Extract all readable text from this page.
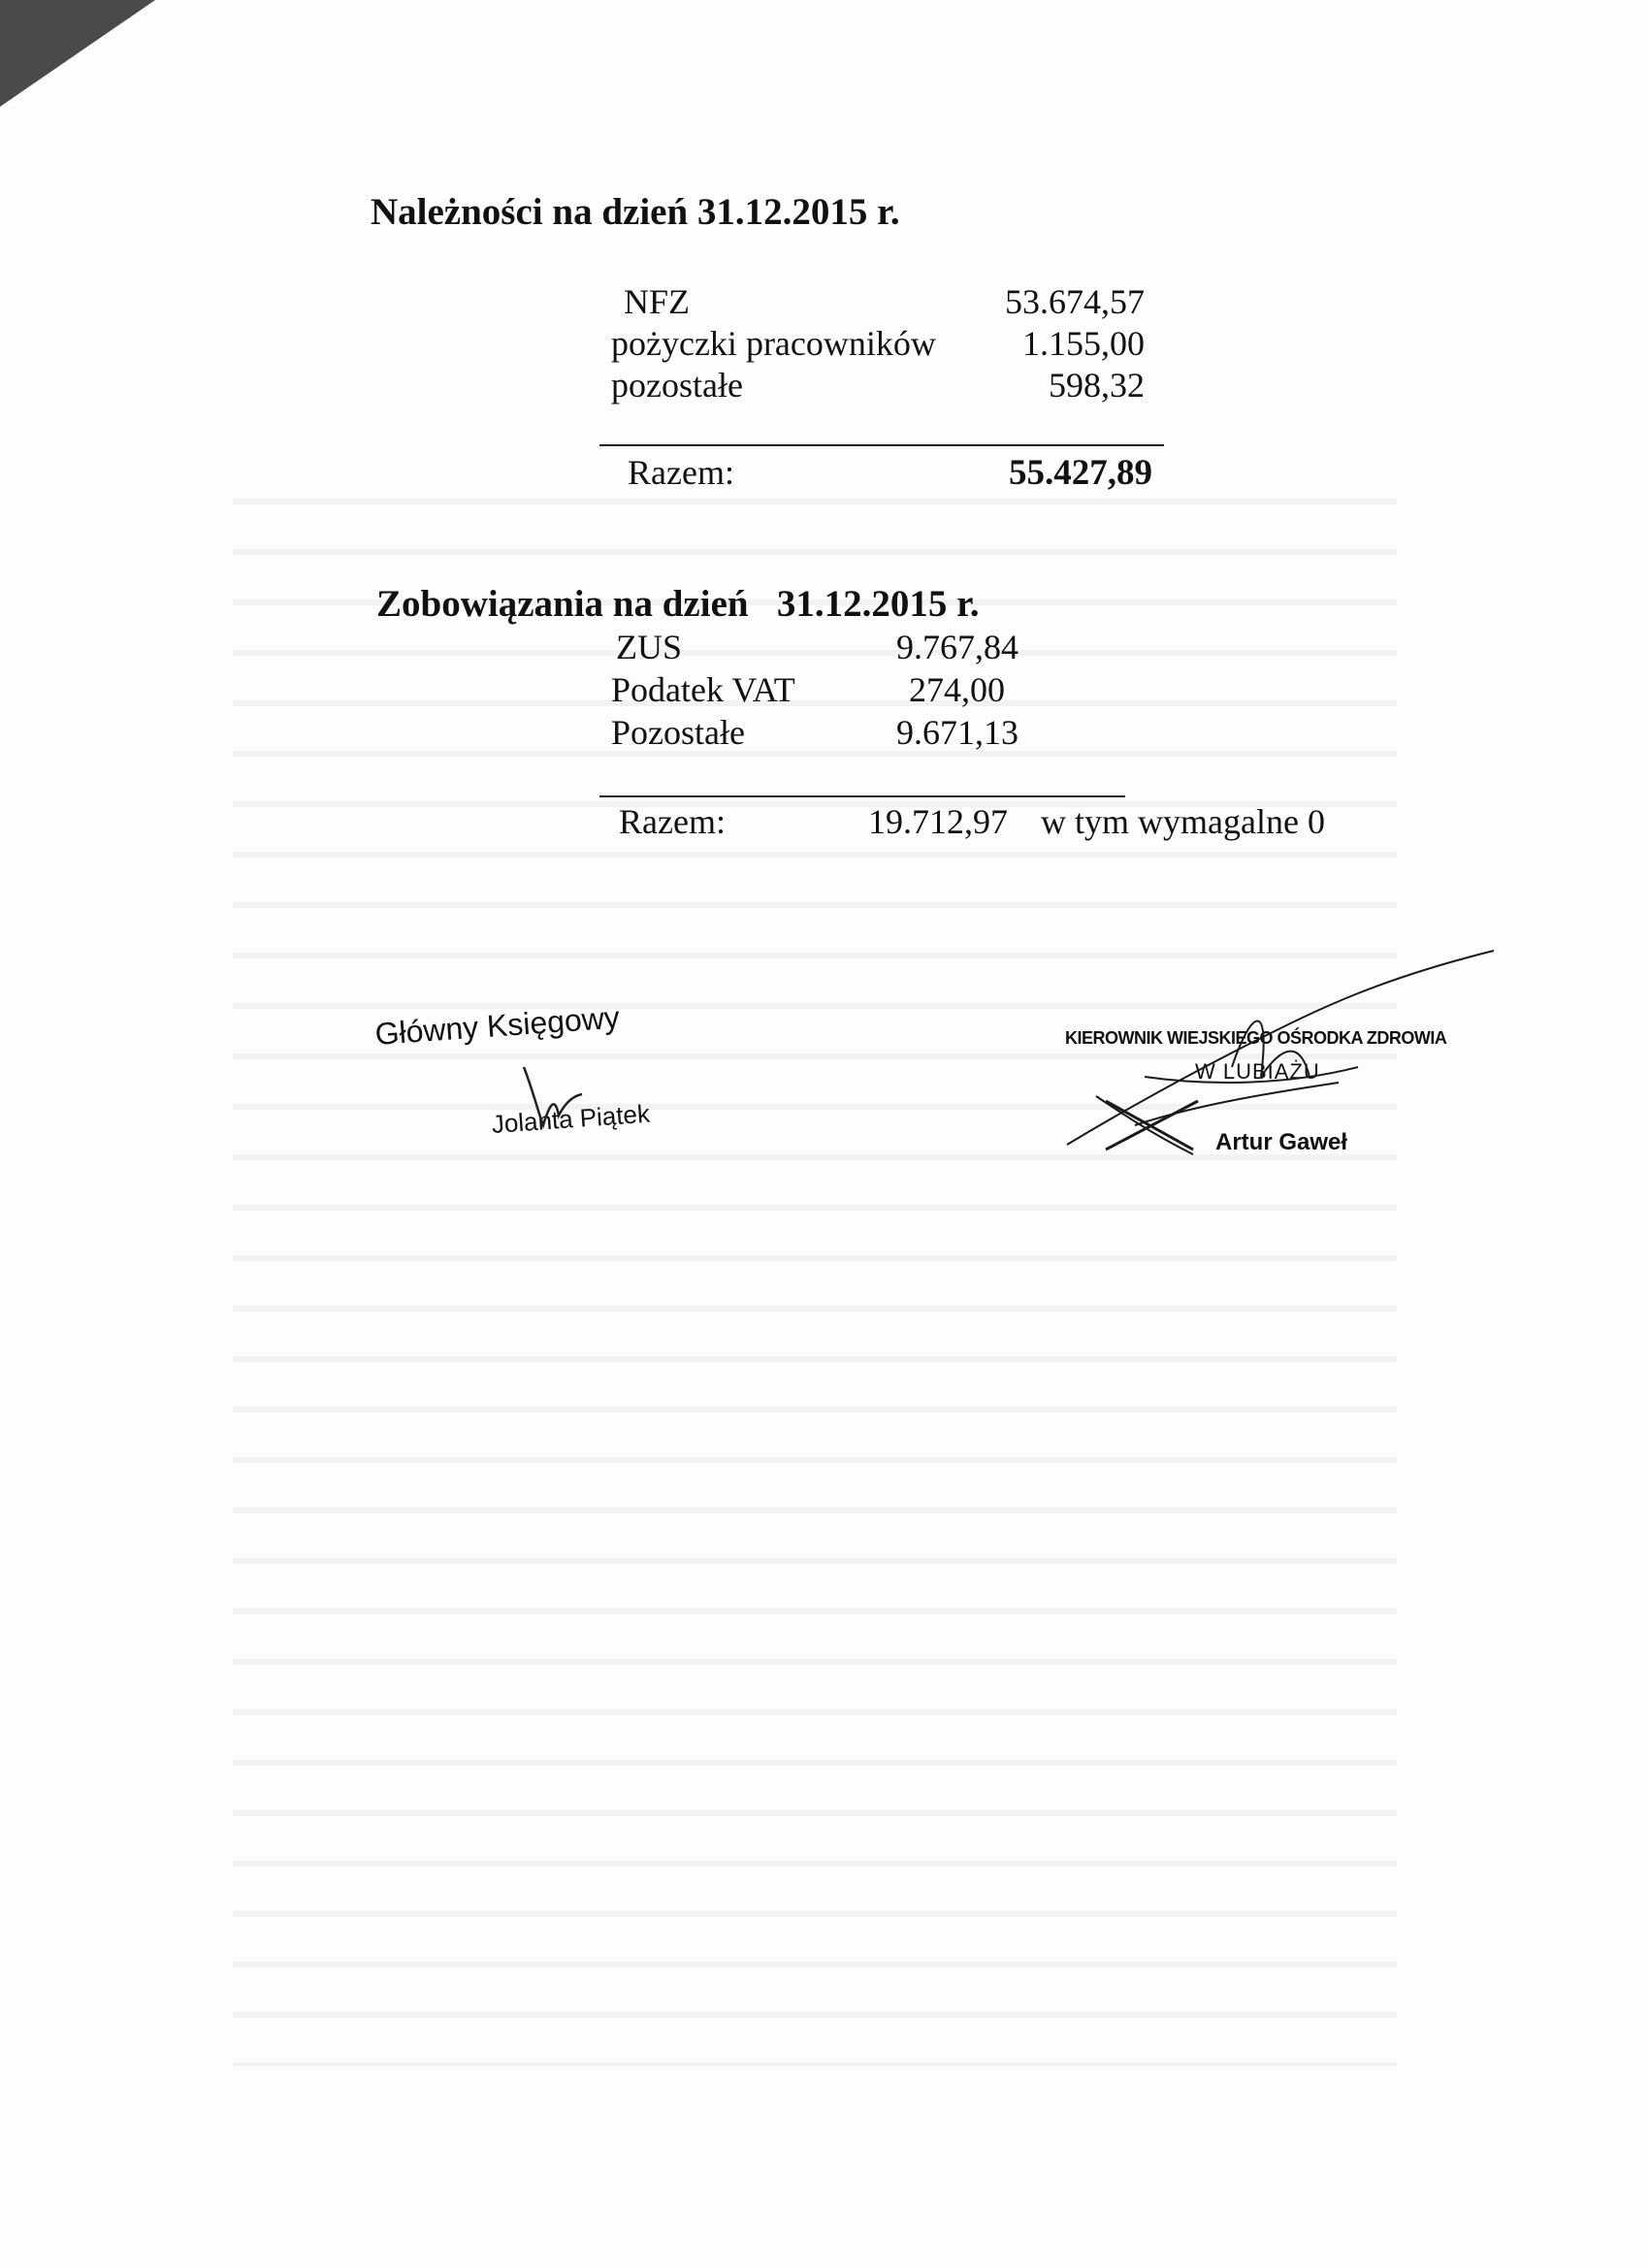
Należności na dzień 31.12.2015 r.
NFZ	53.674,57
pożyczki pracowników	1.155,00
pozostałe	598,32
Razem:	55.427,89
Zobowiązania na dzień   31.12.2015 r.
ZUS	9.767,84
Podatek VAT	274,00
Pozostałe	9.671,13
Razem:	19.712,97 w tym wymagalne 0
Główny Księgowy
Jolanta Piątek
KIEROWNIK WIEJSKIEGO OŚRODKA ZDROWIA
W LUBIAŻU
Artur Gaweł
